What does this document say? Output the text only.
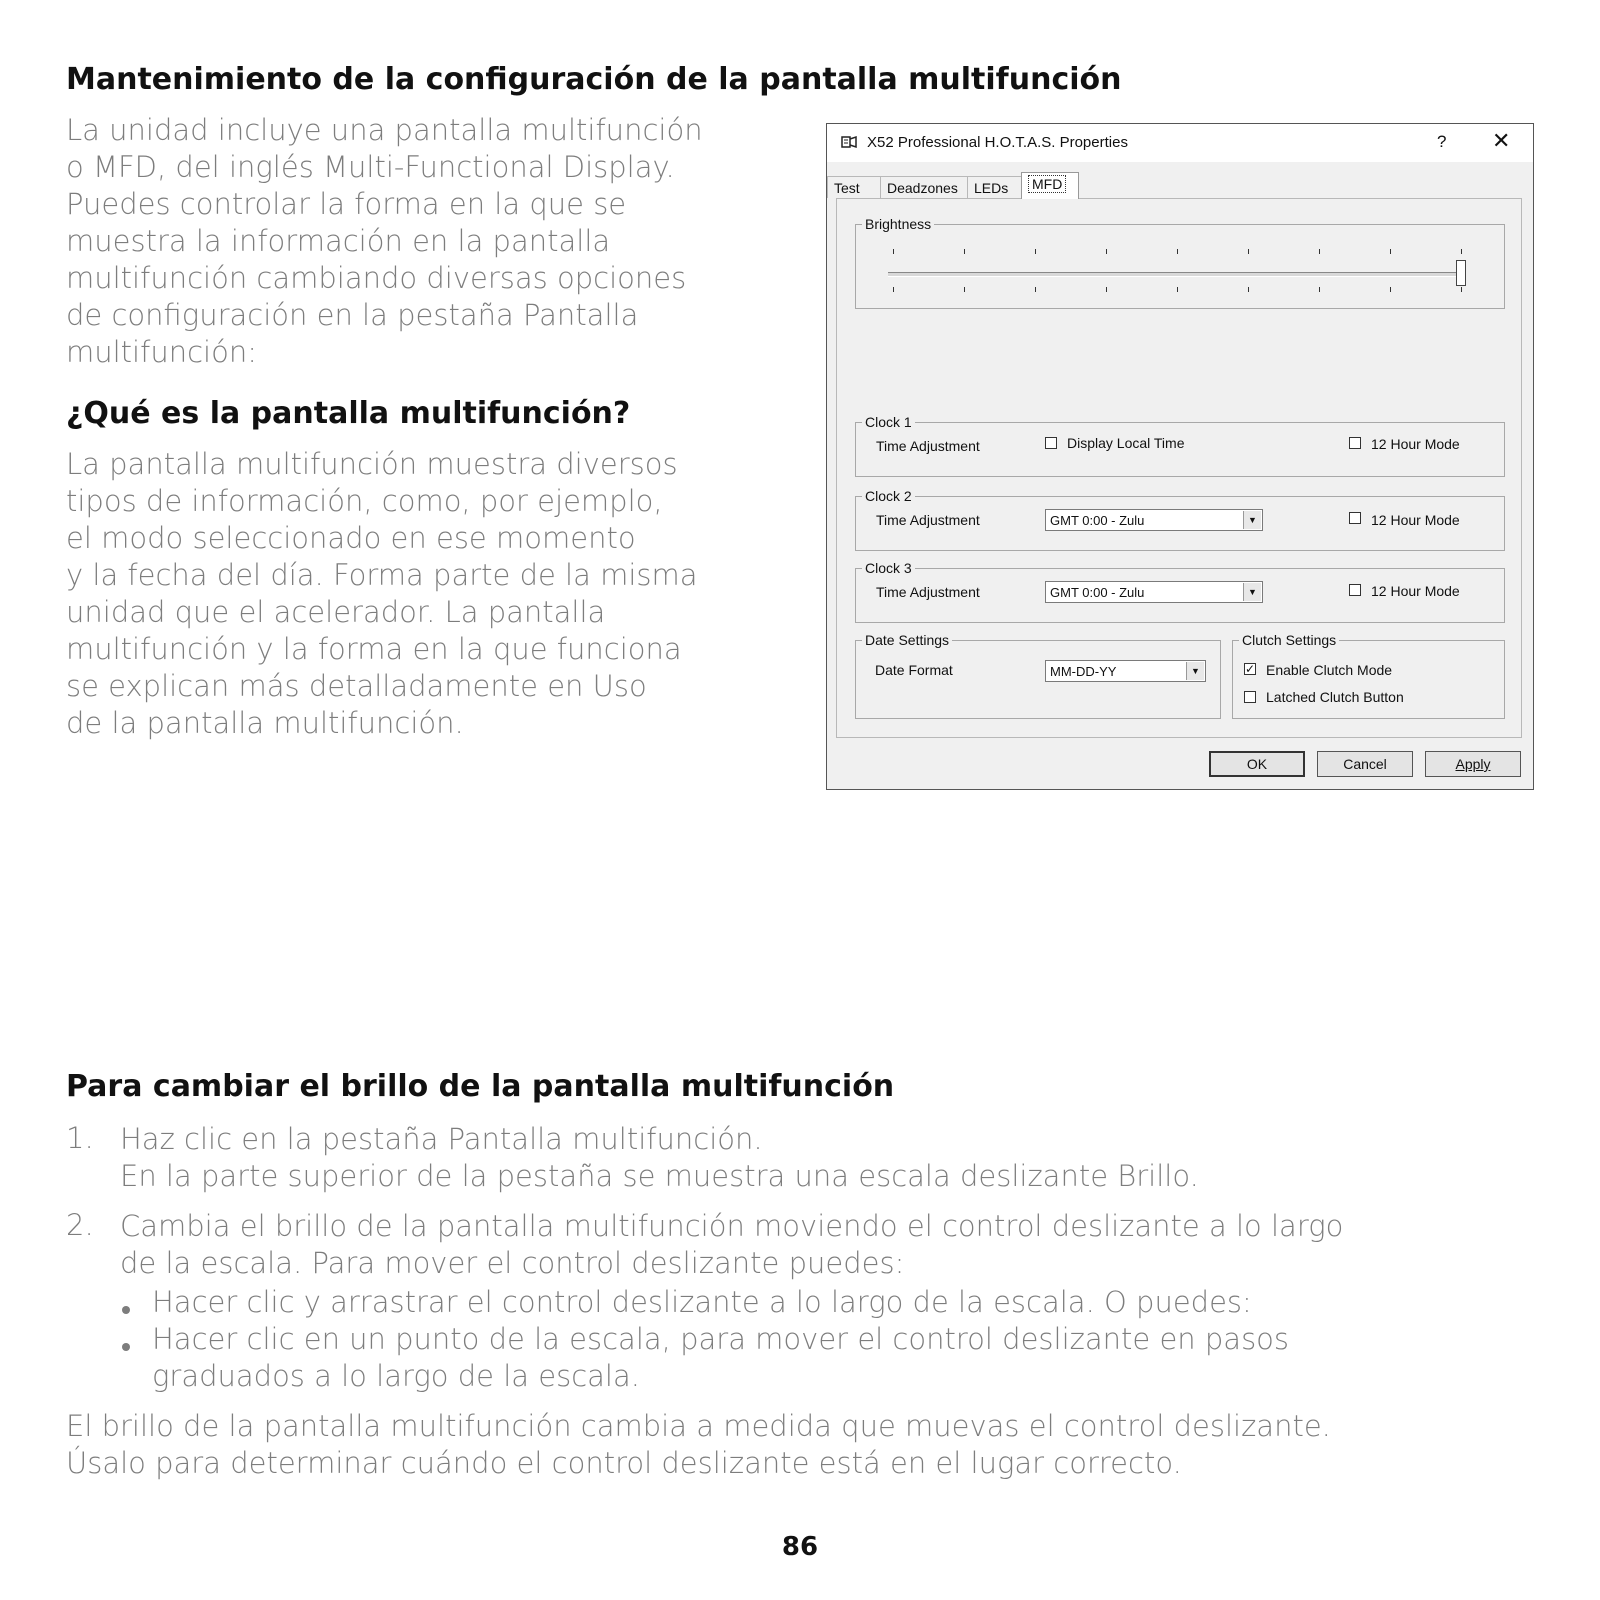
Mantenimiento de la configuración de la pantalla multifunción
La unidad incluye una pantalla multifunción
o MFD, del inglés Multi-Functional Display.
Puedes controlar la forma en la que se
muestra la información en la pantalla
multifunción cambiando diversas opciones
de configuración en la pestaña Pantalla
multifunción:
¿Qué es la pantalla multifunción?
La pantalla multifunción muestra diversos
tipos de información, como, por ejemplo,
el modo seleccionado en ese momento
y la fecha del día. Forma parte de la misma
unidad que el acelerador. La pantalla
multifunción y la forma en la que funciona
se explican más detalladamente en Uso
de la pantalla multifunción.
X52 Professional H.O.T.A.S. Properties	? ✕
Test	Deadzones	LEDs	MFD
Brightness
Clock 1
Time Adjustment	Display Local Time	12 Hour Mode
Clock 2
Time Adjustment	GMT 0:00 - Zulu	▼	12 Hour Mode
Clock 3
Time Adjustment	GMT 0:00 - Zulu	▼	12 Hour Mode
Date Settings
Date Format	MM-DD-YY	▼
Clutch Settings
✓ Enable Clutch Mode
Latched Clutch Button
OK	Cancel	Apply
Para cambiar el brillo de la pantalla multifunción
1. Haz clic en la pestaña Pantalla multifunción.
En la parte superior de la pestaña se muestra una escala deslizante Brillo.
2. Cambia el brillo de la pantalla multifunción moviendo el control deslizante a lo largo
de la escala. Para mover el control deslizante puedes:
Hacer clic y arrastrar el control deslizante a lo largo de la escala. O puedes:
Hacer clic en un punto de la escala, para mover el control deslizante en pasos
graduados a lo largo de la escala.
El brillo de la pantalla multifunción cambia a medida que muevas el control deslizante.
Úsalo para determinar cuándo el control deslizante está en el lugar correcto.
86
